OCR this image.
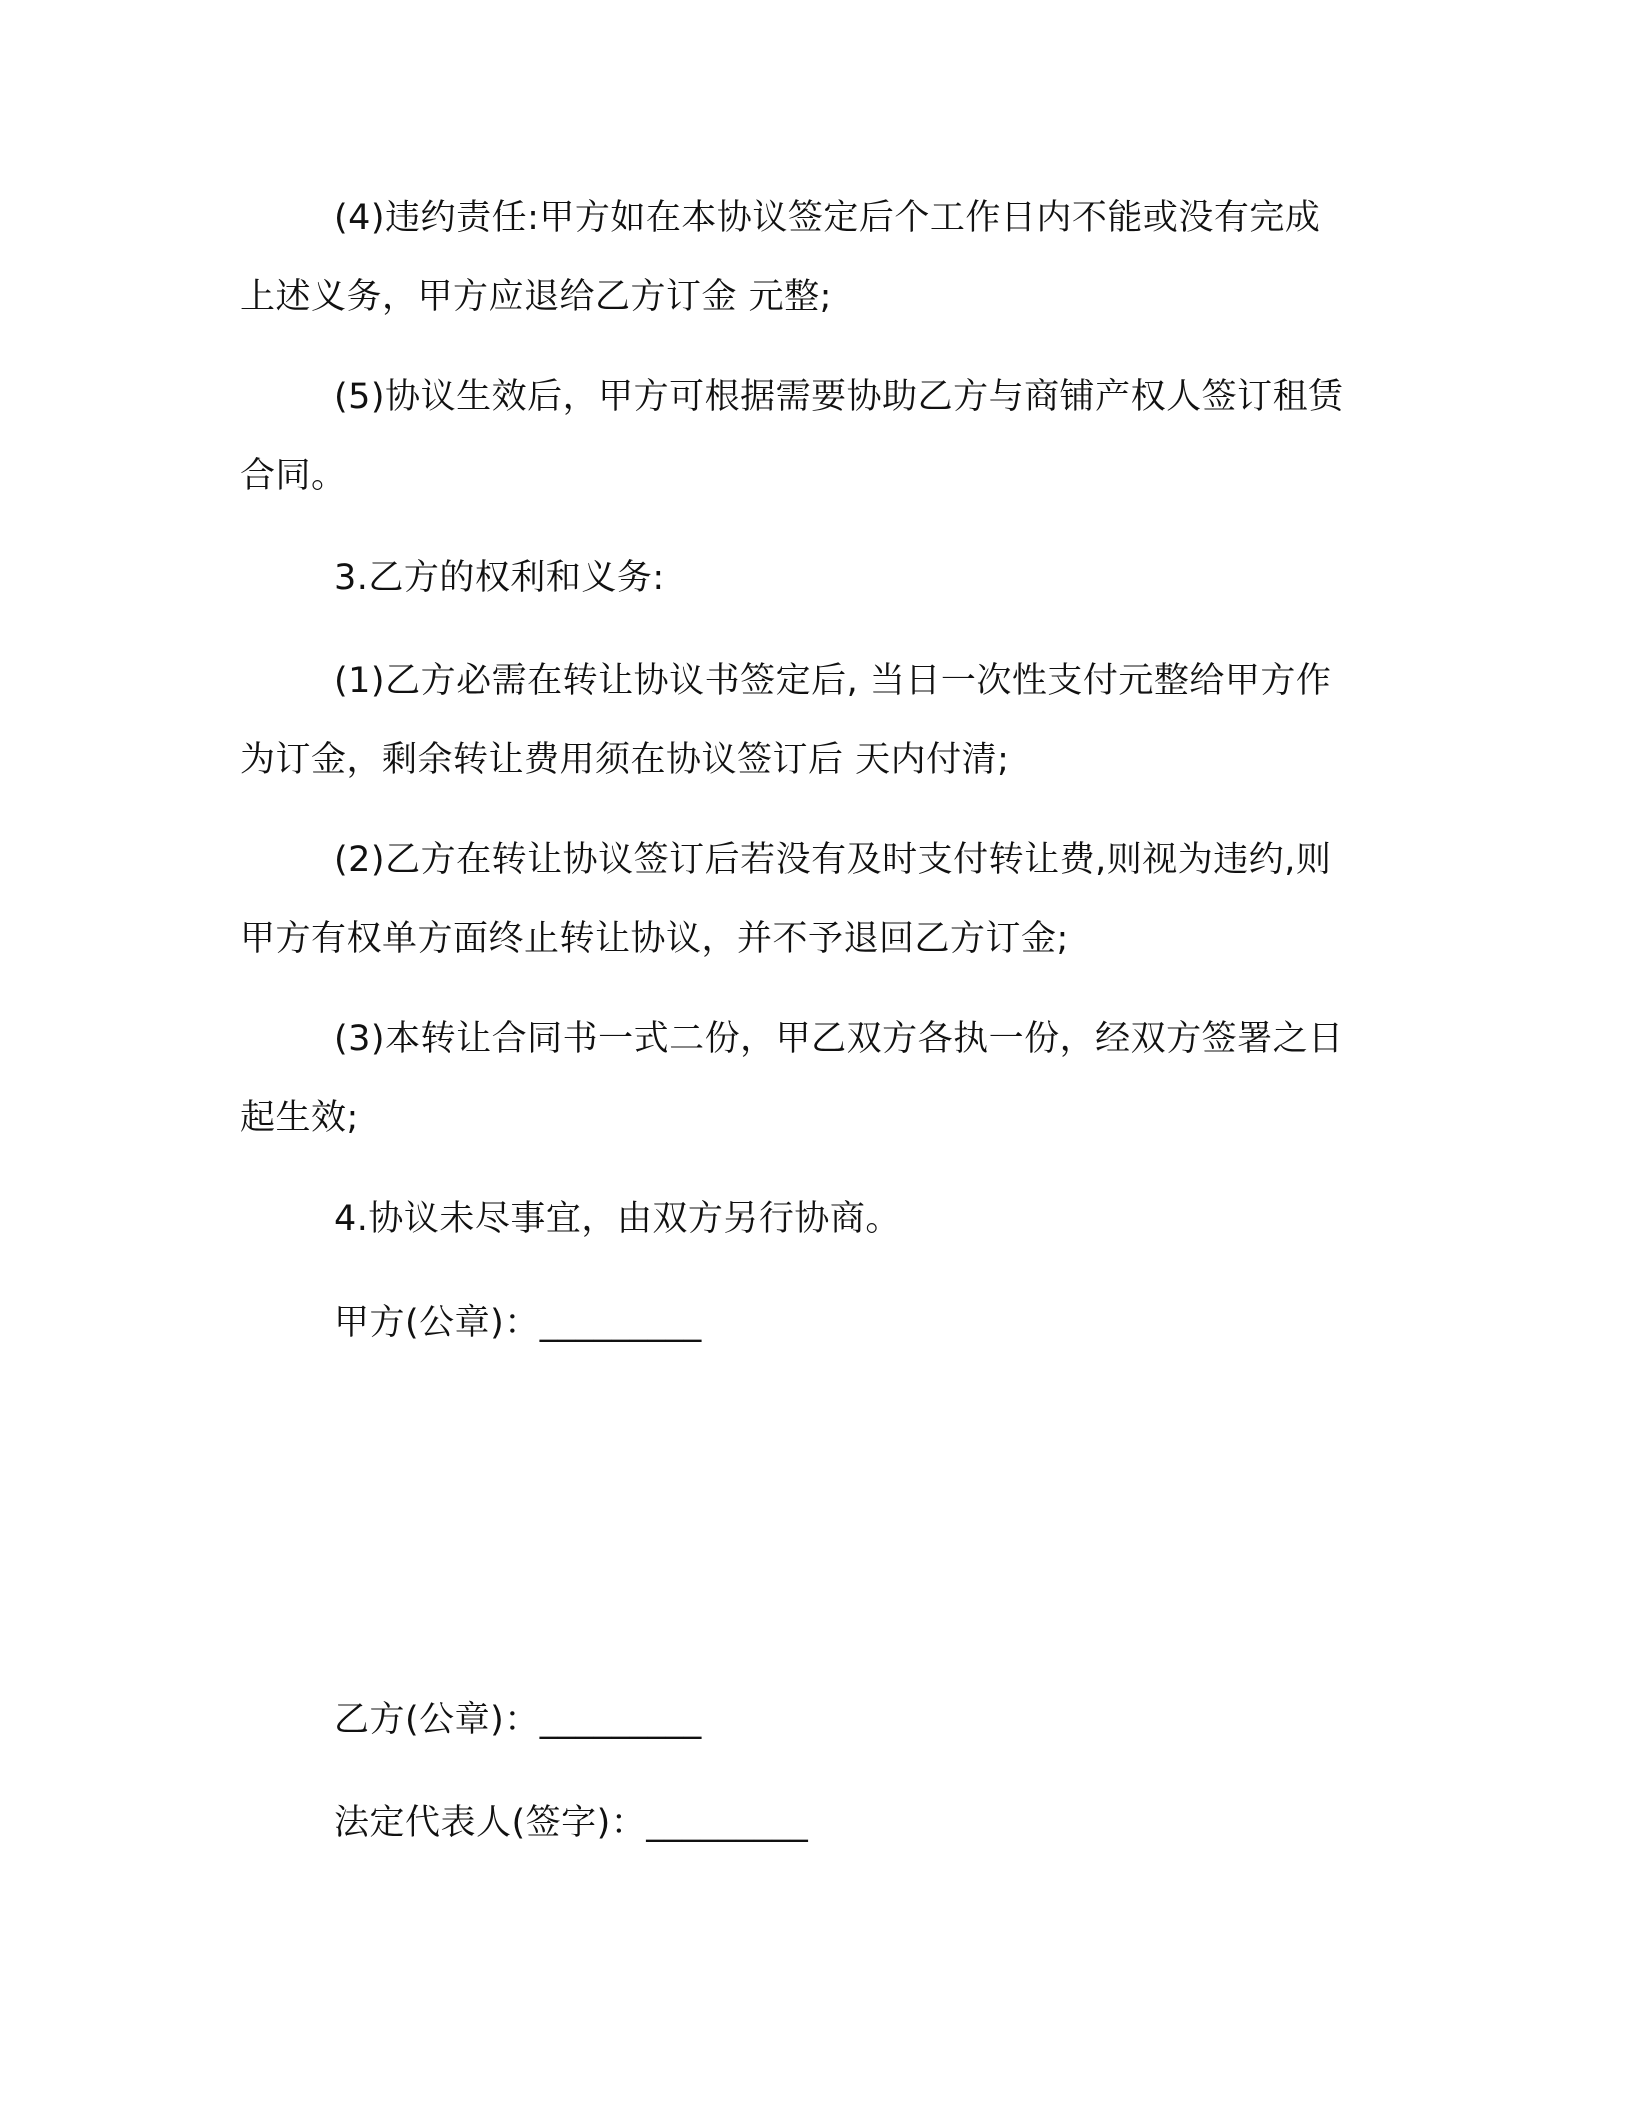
(4)违约责任:甲方如在本协议签定后个工作日内不能或没有完成
上述义务，甲方应退给乙方订金 元整;
(5)协议生效后，甲方可根据需要协助乙方与商铺产权人签订租赁
合同。
3.乙方的权利和义务:
(1)乙方必需在转让协议书签定后, 当日一次性支付元整给甲方作
为订金，剩余转让费用须在协议签订后 天内付清;
(2)乙方在转让协议签订后若没有及时支付转让费,则视为违约,则
甲方有权单方面终止转让协议，并不予退回乙方订金;
(3)本转让合同书一式二份，甲乙双方各执一份，经双方签署之日
起生效;
4.协议未尽事宜，由双方另行协商。
甲方(公章)：_________
乙方(公章)：_________
法定代表人(签字)：_________
